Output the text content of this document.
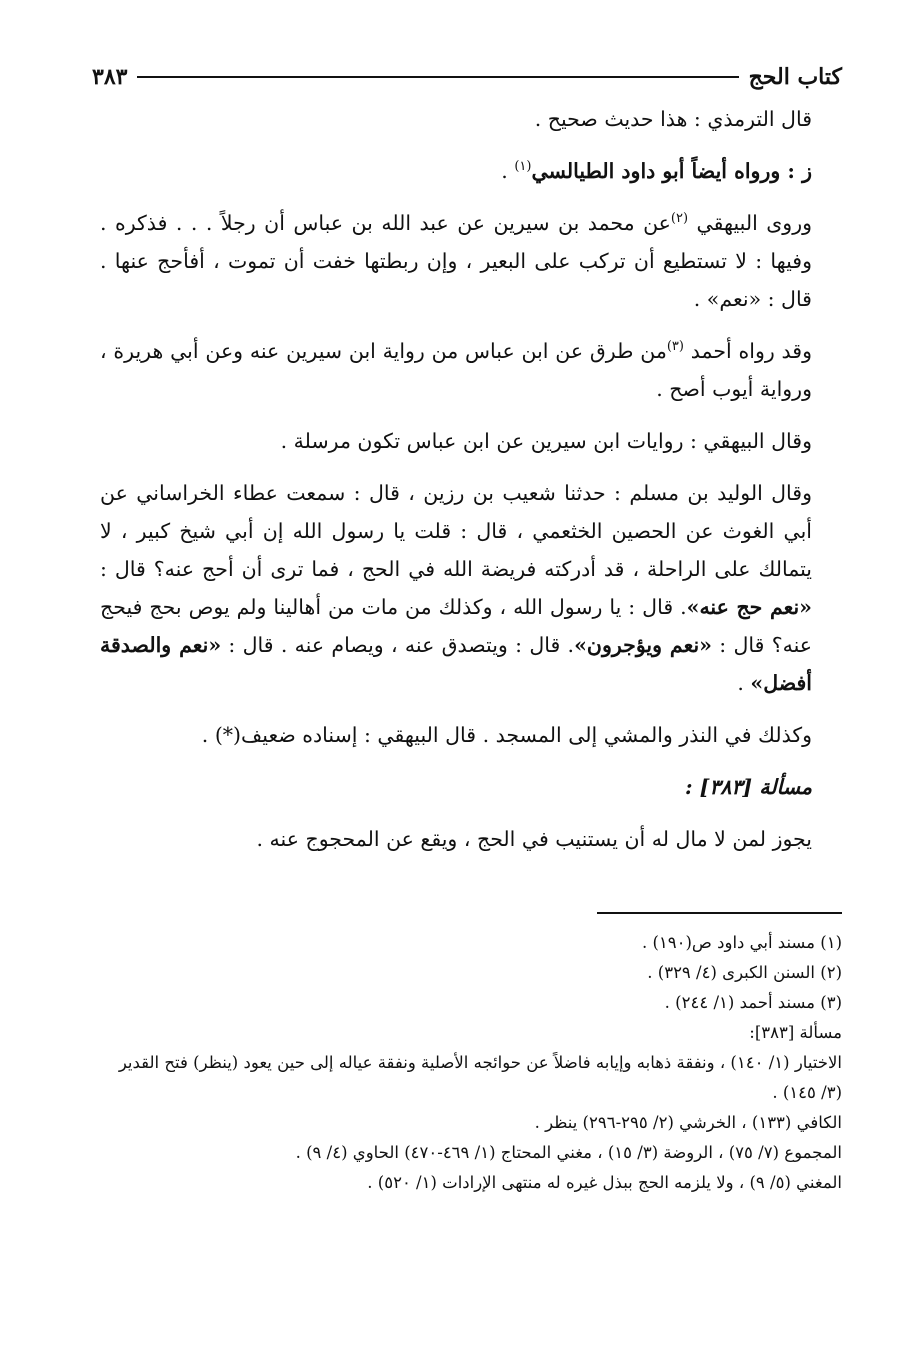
كتاب الحج
٣٨٣

قال الترمذي : هذا حديث صحيح .

ز : ورواه أيضاً أبو داود الطيالسي$^{(١)}$ .

وروى البيهقي $^{(٢)}$عن محمد بن سيرين عن عبد الله بن عباس أن رجلاً . . . فذكره . وفيها : لا تستطيع أن تركب على البعير ، وإن ربطتها خفت أن تموت ، أفأحج عنها . قال : «نعم» .

وقد رواه أحمد $^{(٣)}$من طرق عن ابن عباس من رواية ابن سيرين عنه وعن أبي هريرة ، ورواية أيوب أصح .

وقال البيهقي : روايات ابن سيرين عن ابن عباس تكون مرسلة .

وقال الوليد بن مسلم : حدثنا شعيب بن رزين ، قال : سمعت عطاء الخراساني عن أبي الغوث عن الحصين الخثعمي ، قال : قلت يا رسول الله إن أبي شيخ كبير ، لا يتمالك على الراحلة ، قد أدركته فريضة الله في الحج ، فما ترى أن أحج عنه؟ قال : «نعم حج عنه». قال : يا رسول الله ، وكذلك من مات من أهالينا ولم يوص بحج فيحج عنه؟ قال : «نعم ويؤجرون». قال : ويتصدق عنه ، ويصام عنه . قال : «نعم والصدقة أفضل» .

وكذلك في النذر والمشي إلى المسجد . قال البيهقي : إسناده ضعيف(*) .

مسألة [٣٨٣] :

يجوز لمن لا مال له أن يستنيب في الحج ، ويقع عن المحجوج عنه .

(١) مسند أبي داود ص(١٩٠) .

(٢) السنن الكبرى (٤/ ٣٢٩) .

(٣) مسند أحمد (١/ ٢٤٤) .

مسألة [٣٨٣]:

الاختيار (١/ ١٤٠) ، ونفقة ذهابه وإيابه فاضلاً عن حوائجه الأصلية ونفقة عياله إلى حين يعود (ينظر) فتح القدير (٣/ ١٤٥) .

الكافي (١٣٣) ، الخرشي (٢/ ٢٩٥-٢٩٦) ينظر .

المجموع (٧/ ٧٥) ، الروضة (٣/ ١٥) ، مغني المحتاج (١/ ٤٦٩-٤٧٠) الحاوي (٤/ ٩) .

المغني (٥/ ٩) ، ولا يلزمه الحج ببذل غيره له منتهى الإرادات (١/ ٥٢٠) .
